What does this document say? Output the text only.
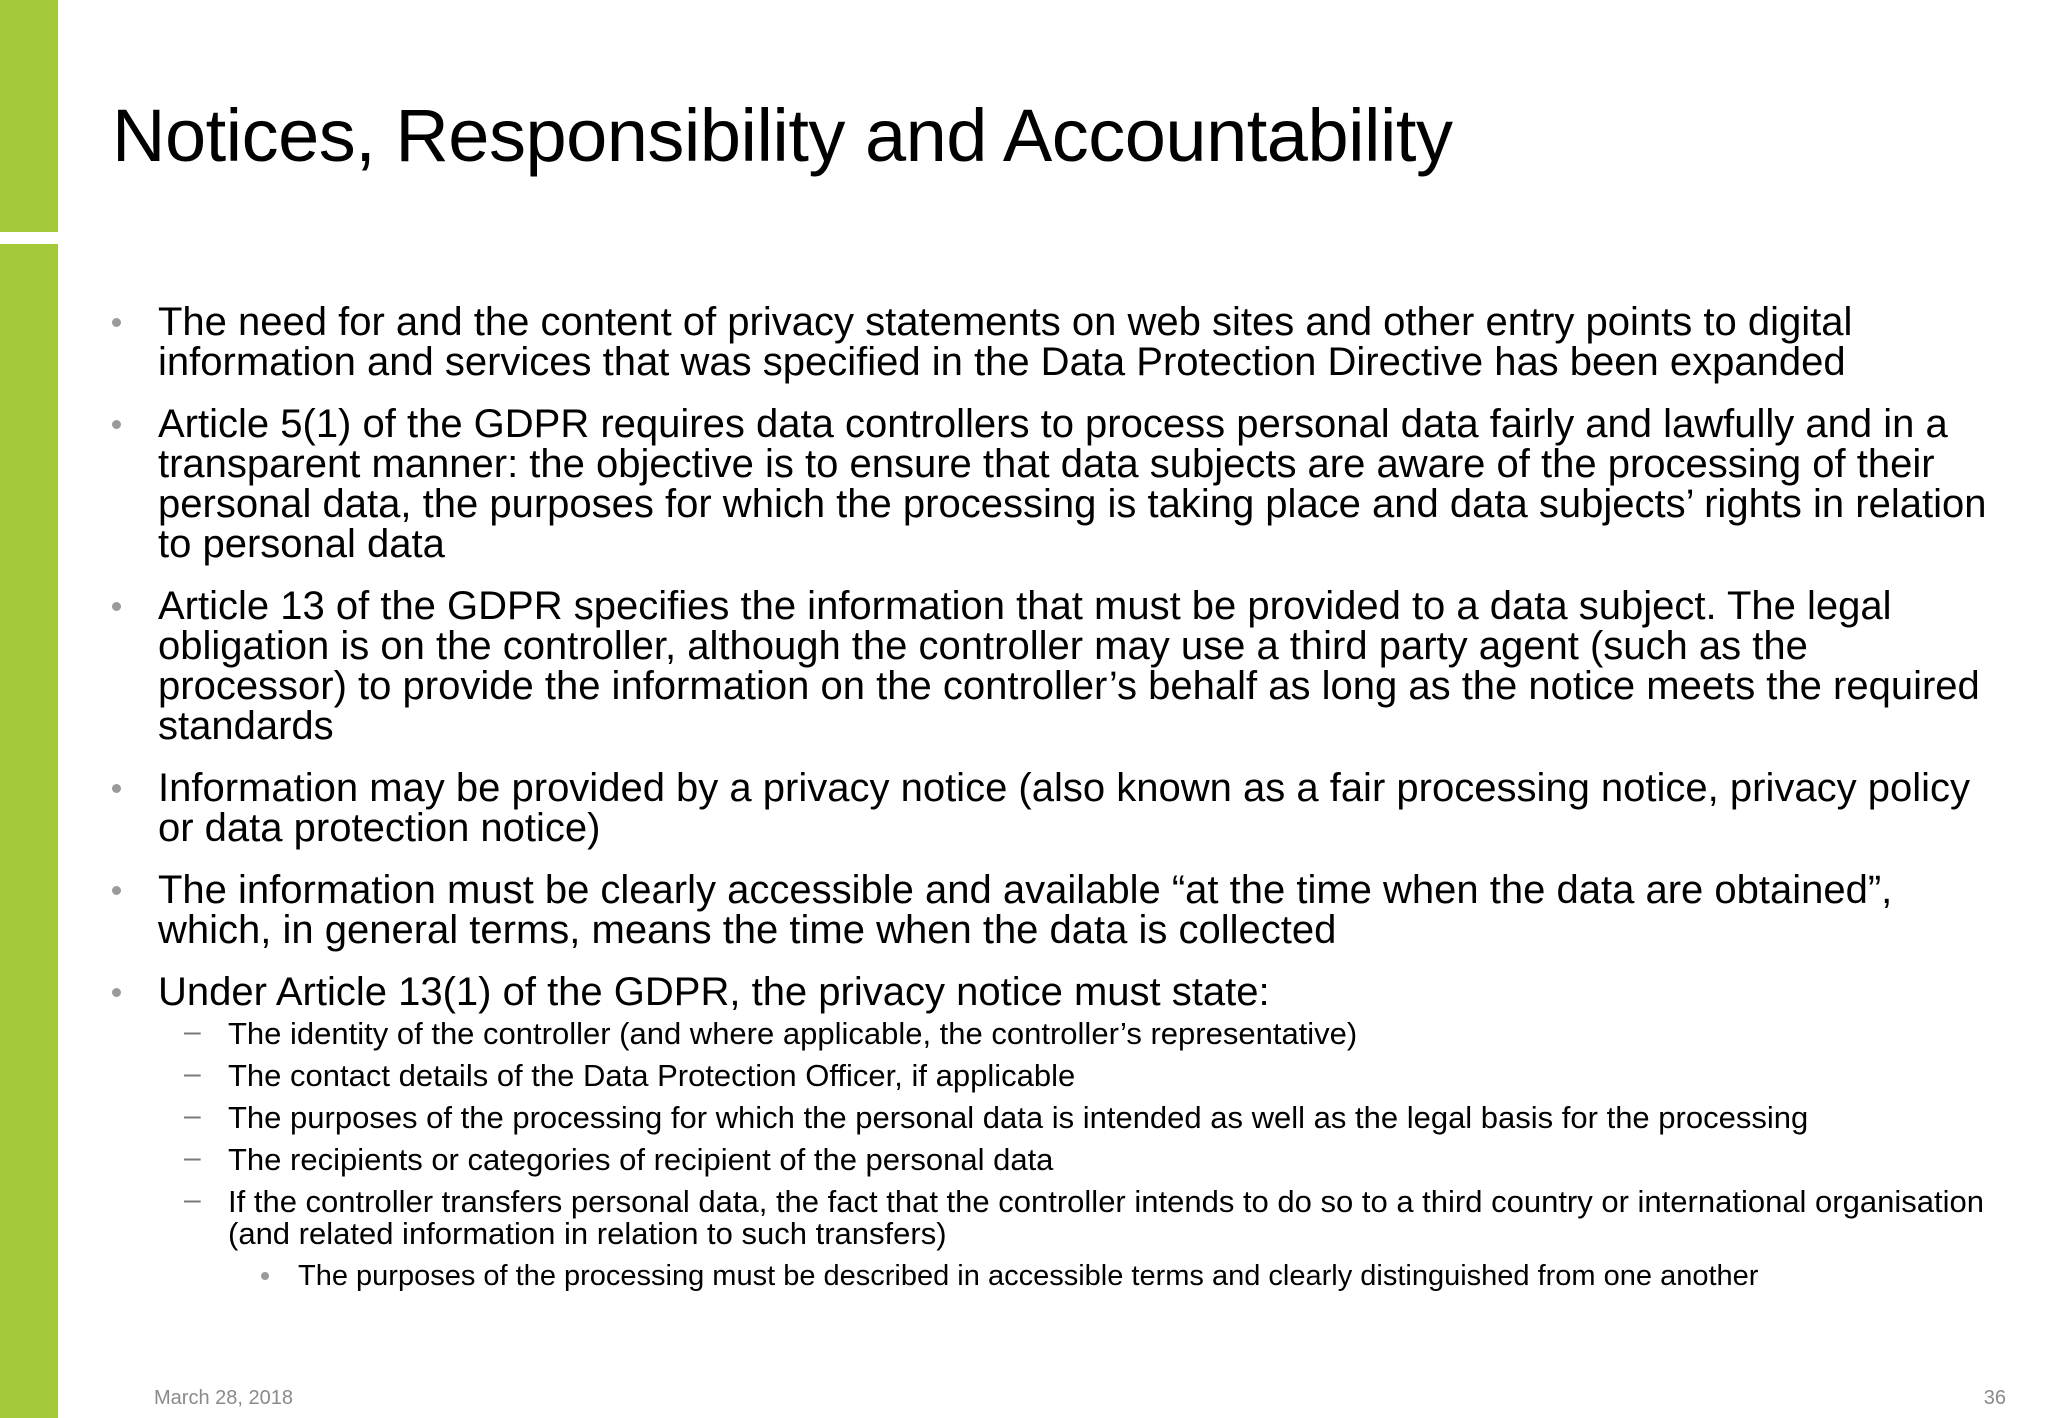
Notices, Responsibility and Accountability
The need for and the content of privacy statements on web sites and other entry points to digital information and services that was specified in the Data Protection Directive has been expanded
Article 5(1) of the GDPR requires data controllers to process personal data fairly and lawfully and in a transparent manner: the objective is to ensure that data subjects are aware of the processing of their personal data, the purposes for which the processing is taking place and data subjects’ rights in relation to personal data
Article 13 of the GDPR specifies the information that must be provided to a data subject. The legal obligation is on the controller, although the controller may use a third party agent (such as the processor) to provide the information on the controller’s behalf as long as the notice meets the required standards
Information may be provided by a privacy notice (also known as a fair processing notice, privacy policy or data protection notice)
The information must be clearly accessible and available “at the time when the data are obtained”, which, in general terms, means the time when the data is collected
Under Article 13(1) of the GDPR, the privacy notice must state:
– The identity of the controller (and where applicable, the controller’s representative)
– The contact details of the Data Protection Officer, if applicable
– The purposes of the processing for which the personal data is intended as well as the legal basis for the processing
– The recipients or categories of recipient of the personal data
– If the controller transfers personal data, the fact that the controller intends to do so to a third country or international organisation (and related information in relation to such transfers)
The purposes of the processing must be described in accessible terms and clearly distinguished from one another
March 28, 2018	36
